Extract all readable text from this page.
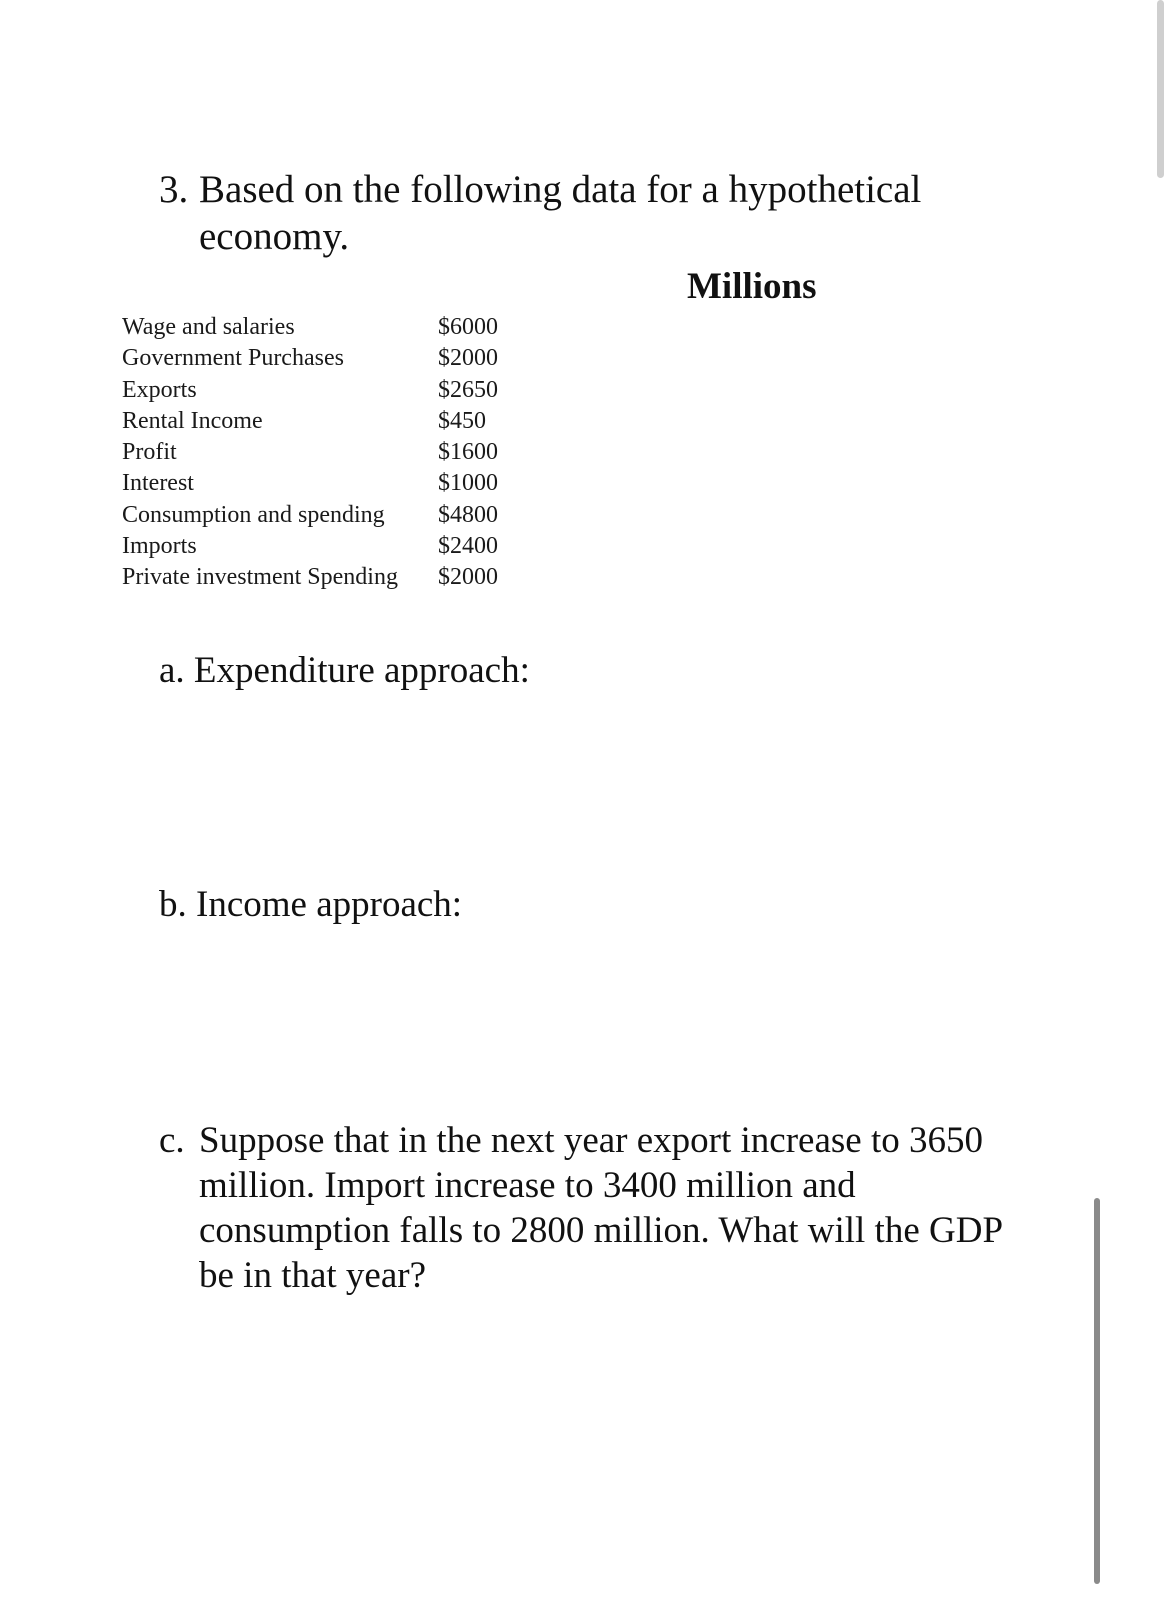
3. Based on the following data for a hypothetical
economy.
Millions
Wage and salaries	$6000
Government Purchases	$2000
Exports	$2650
Rental Income	$450
Profit	$1600
Interest	$1000
Consumption and spending $4800
Imports	$2400
Private investment Spending $2000
a. Expenditure approach:
b. Income approach:
c. Suppose that in the next year export increase to 3650
million. Import increase to 3400 million and
consumption falls to 2800 million. What will the GDP
be in that year?
